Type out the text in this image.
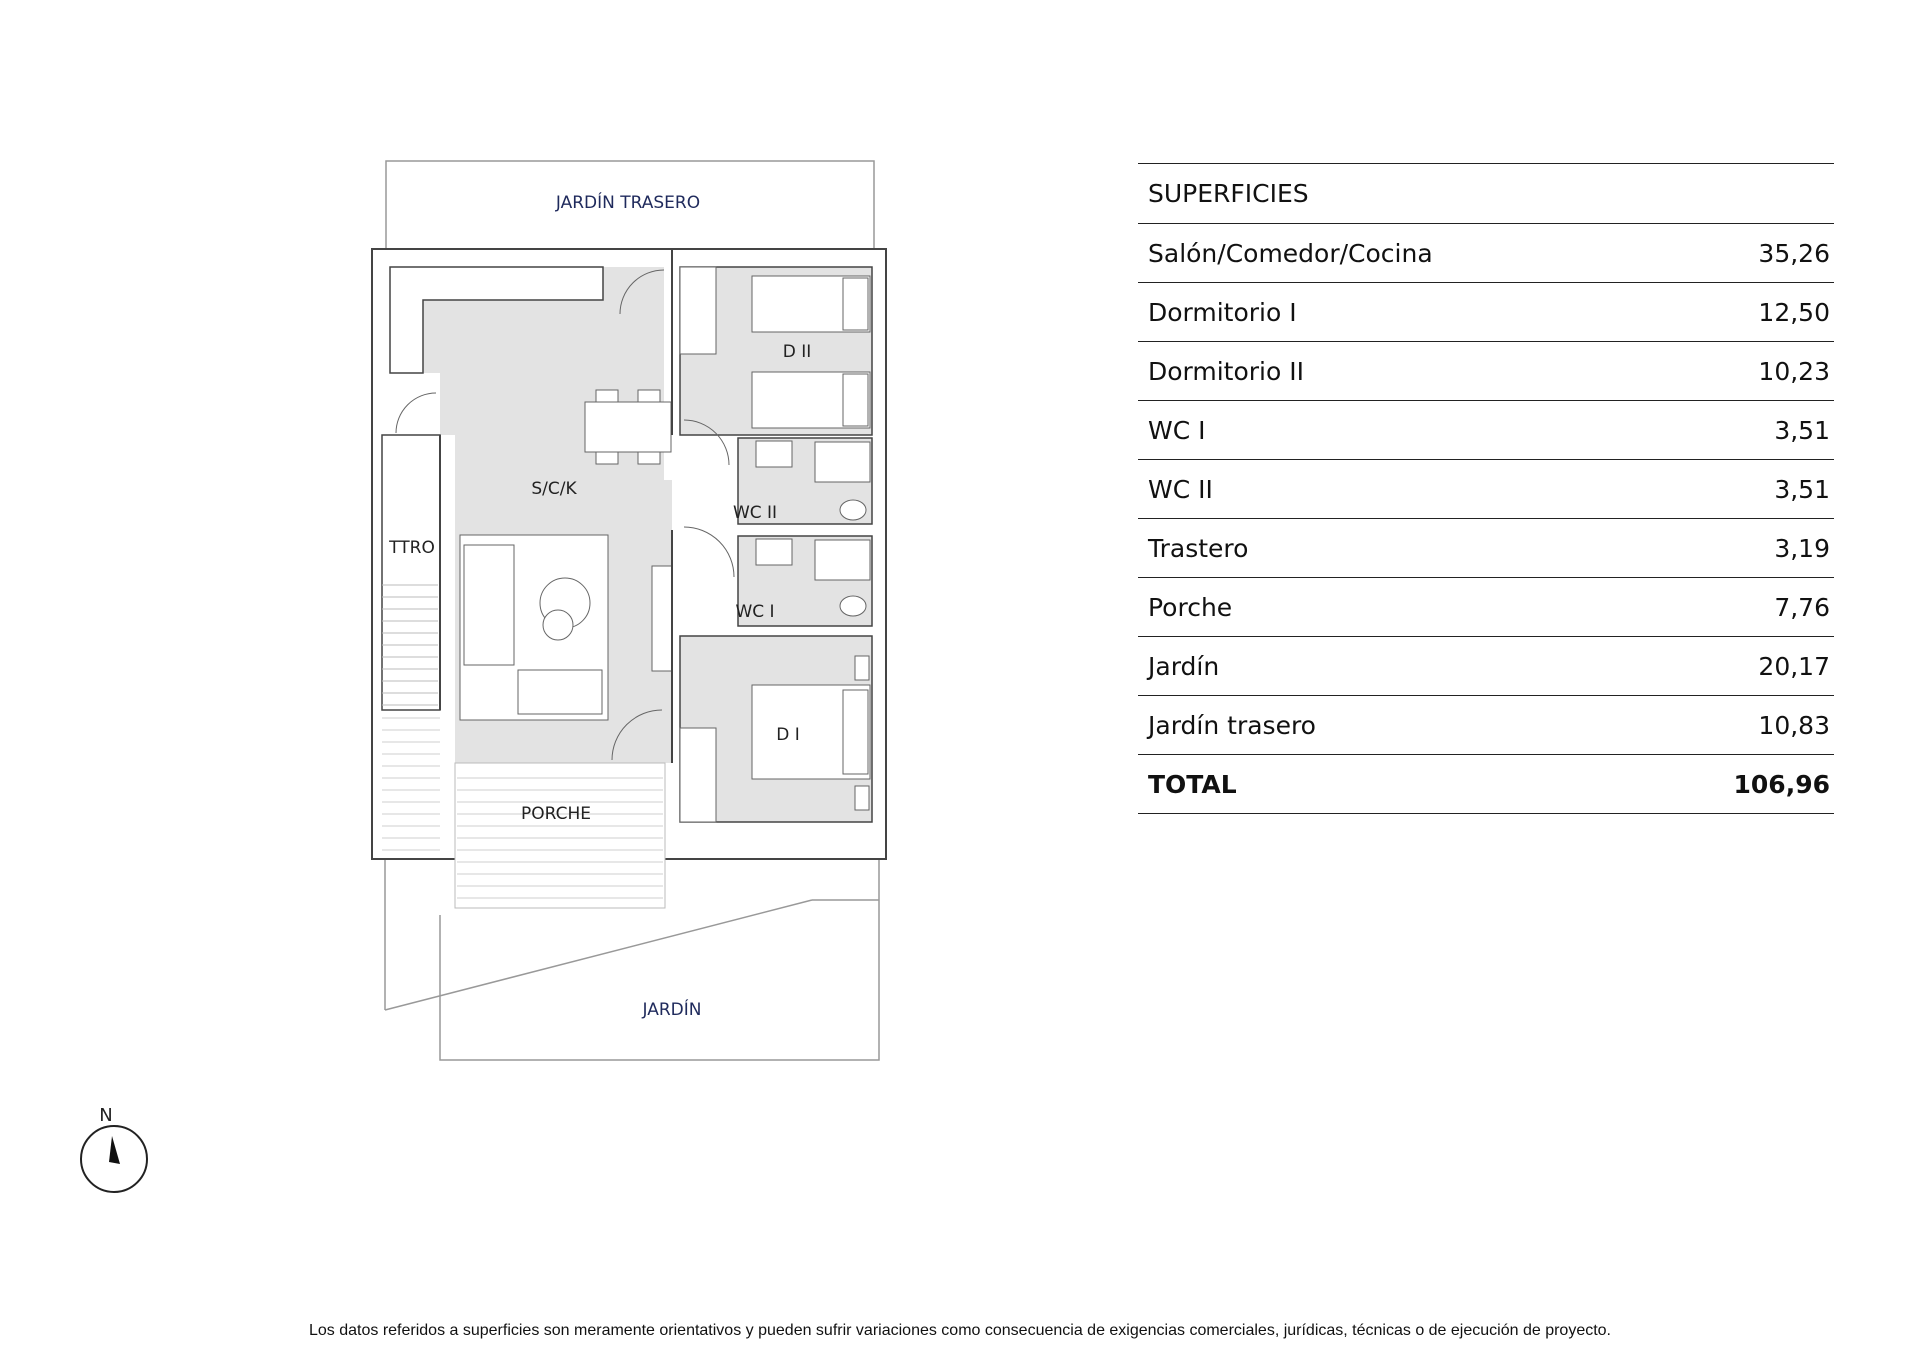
JARDÍN TRASERO
D II
S/C/K
WC II
WC I
TTRO
D I
PORCHE
JARDÍN
N
SUPERFICIES
Salón/Comedor/Cocina	35,26
Dormitorio I	12,50
Dormitorio II	10,23
WC I	3,51
WC II	3,51
Trastero	3,19
Porche	7,76
Jardín	20,17
Jardín trasero	10,83
TOTAL	106,96
Los datos referidos a superficies son meramente orientativos y pueden sufrir variaciones como consecuencia de exigencias comerciales, jurídicas, técnicas o de ejecución de proyecto.
